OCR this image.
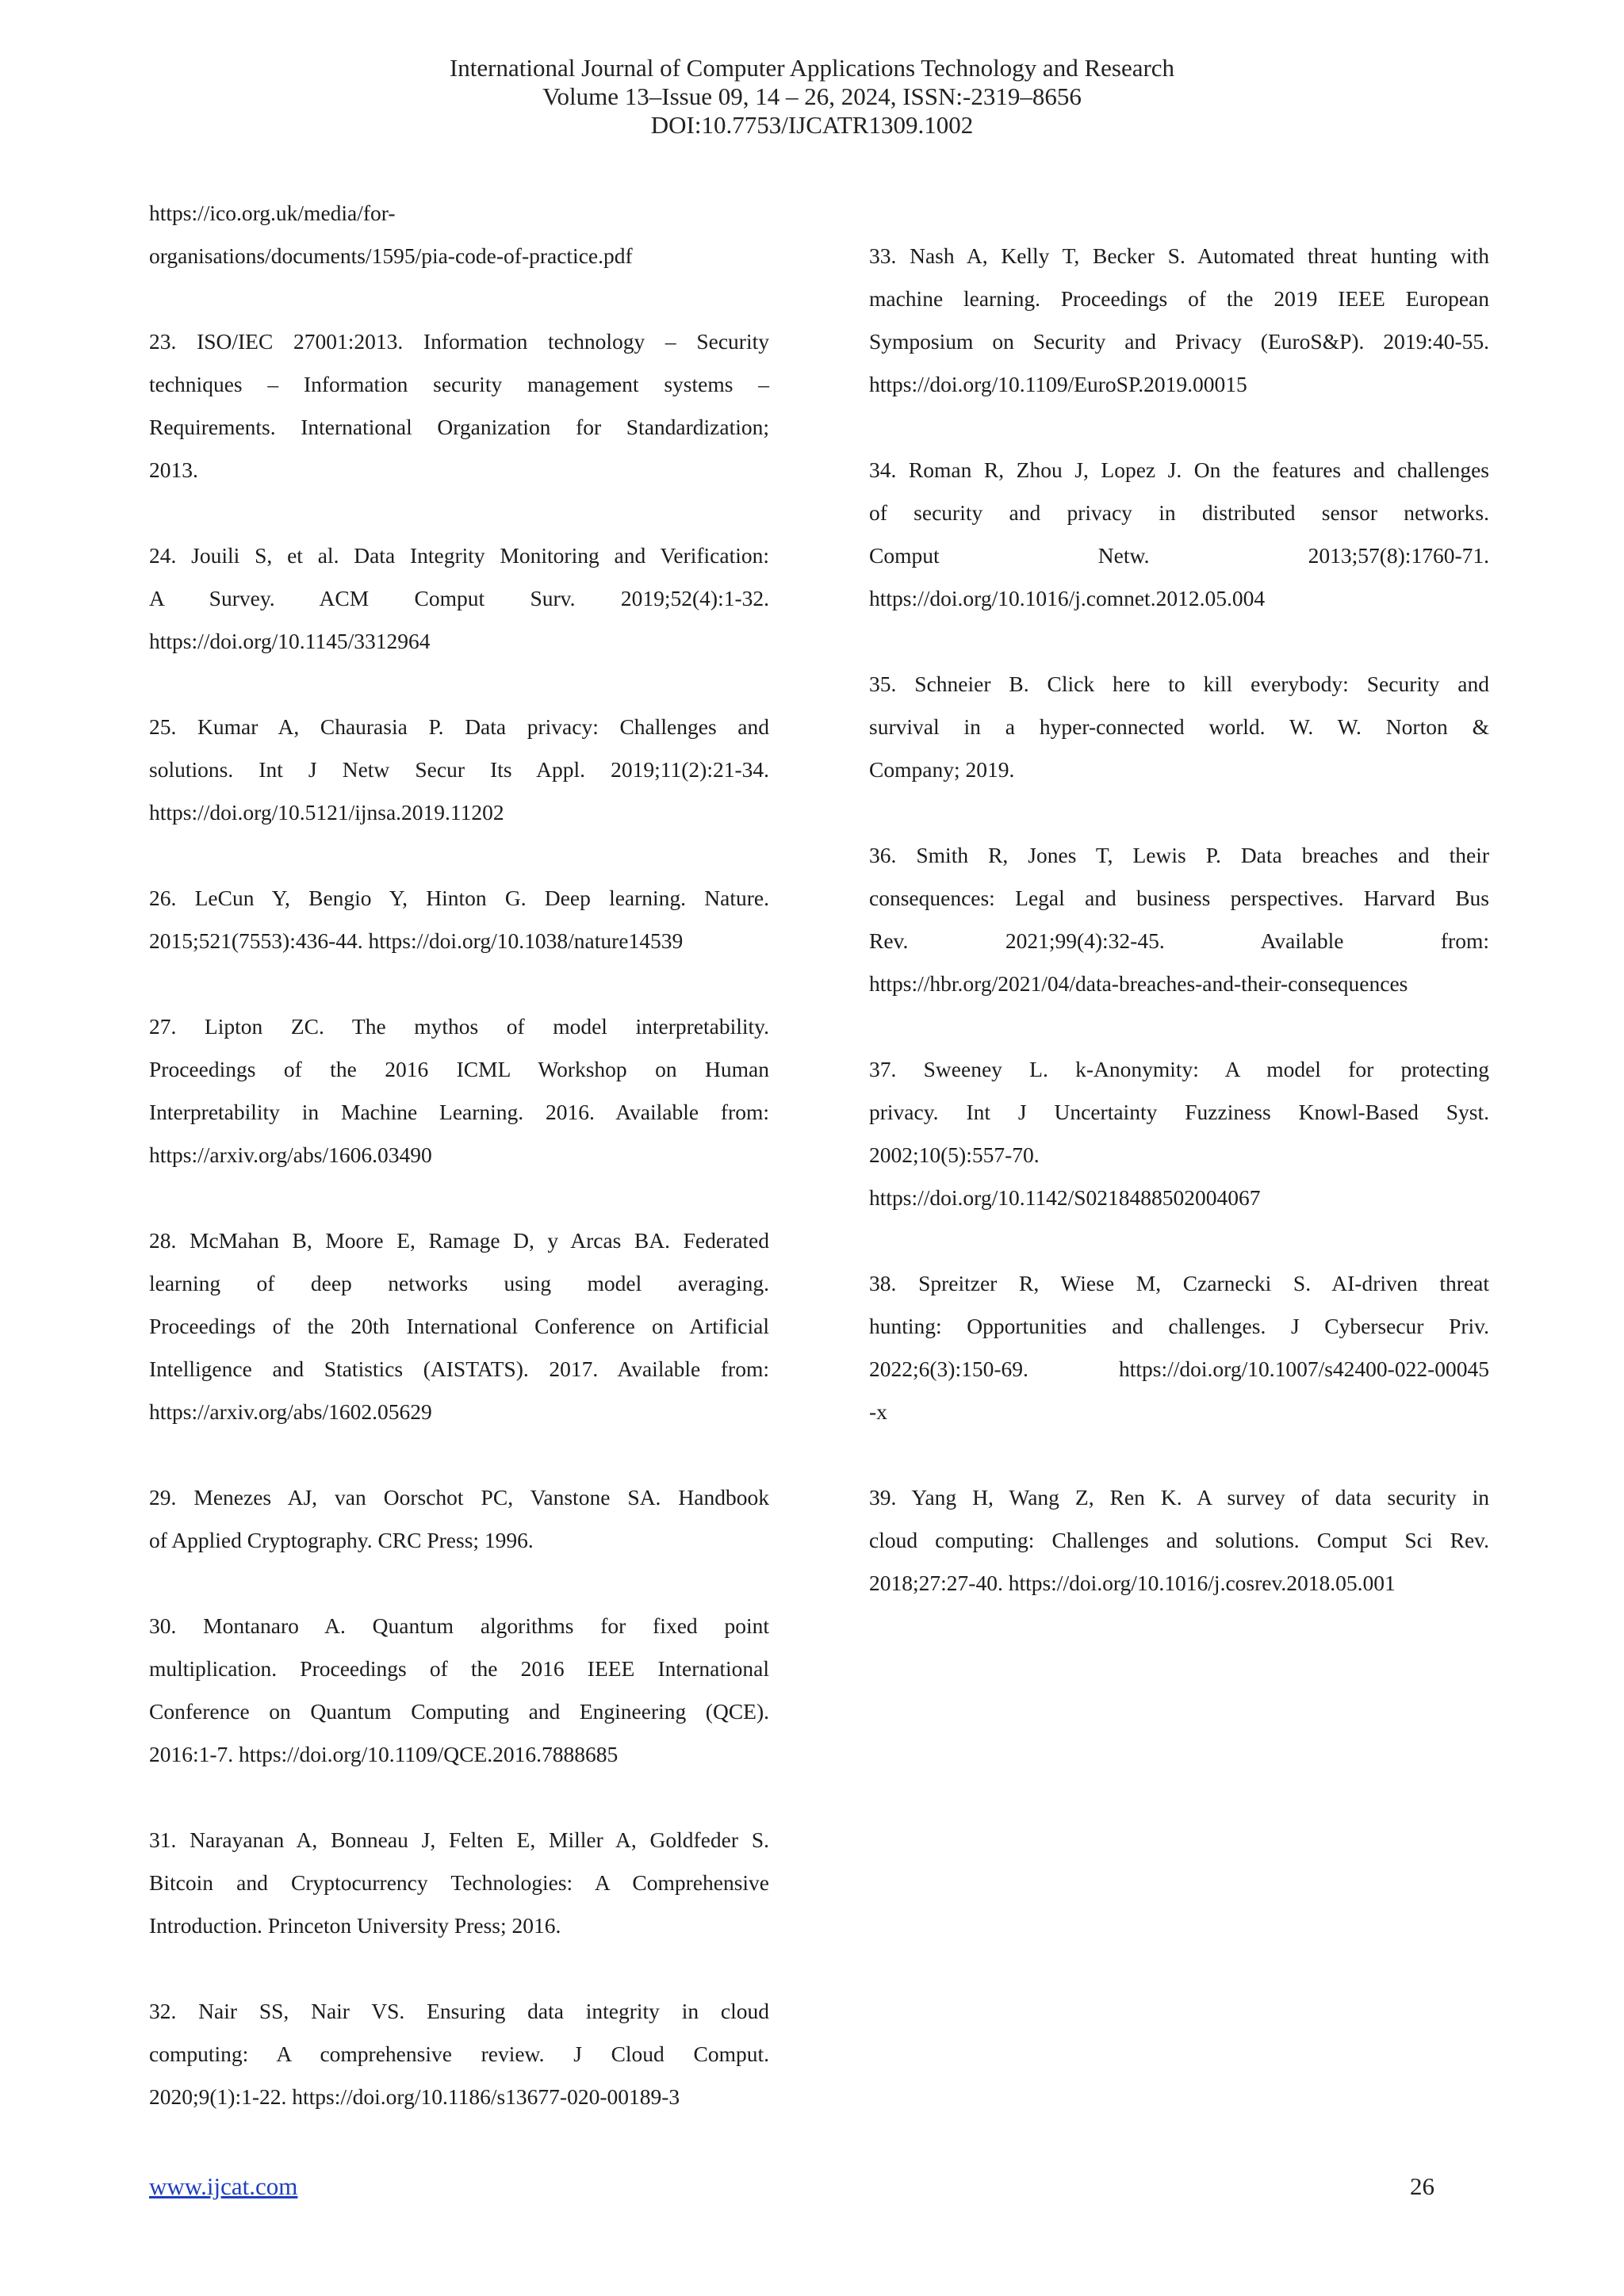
International Journal of Computer Applications Technology and Research
Volume 13–Issue 09, 14 – 26, 2024, ISSN:-2319–8656
DOI:10.7753/IJCATR1309.1002
https://ico.org.uk/media/for-
organisations/documents/1595/pia-code-of-practice.pdf
23. ISO/IEC 27001:2013. Information technology – Security
techniques – Information security management systems –
Requirements. International Organization for Standardization;
2013.
24. Jouili S, et al. Data Integrity Monitoring and Verification:
A Survey. ACM Comput Surv. 2019;52(4):1-32.
https://doi.org/10.1145/3312964
25. Kumar A, Chaurasia P. Data privacy: Challenges and
solutions. Int J Netw Secur Its Appl. 2019;11(2):21-34.
https://doi.org/10.5121/ijnsa.2019.11202
26. LeCun Y, Bengio Y, Hinton G. Deep learning. Nature.
2015;521(7553):436-44. https://doi.org/10.1038/nature14539
27. Lipton ZC. The mythos of model interpretability.
Proceedings of the 2016 ICML Workshop on Human
Interpretability in Machine Learning. 2016. Available from:
https://arxiv.org/abs/1606.03490
28. McMahan B, Moore E, Ramage D, y Arcas BA. Federated
learning of deep networks using model averaging.
Proceedings of the 20th International Conference on Artificial
Intelligence and Statistics (AISTATS). 2017. Available from:
https://arxiv.org/abs/1602.05629
29. Menezes AJ, van Oorschot PC, Vanstone SA. Handbook
of Applied Cryptography. CRC Press; 1996.
30. Montanaro A. Quantum algorithms for fixed point
multiplication. Proceedings of the 2016 IEEE International
Conference on Quantum Computing and Engineering (QCE).
2016:1-7. https://doi.org/10.1109/QCE.2016.7888685
31. Narayanan A, Bonneau J, Felten E, Miller A, Goldfeder S.
Bitcoin and Cryptocurrency Technologies: A Comprehensive
Introduction. Princeton University Press; 2016.
32. Nair SS, Nair VS. Ensuring data integrity in cloud
computing: A comprehensive review. J Cloud Comput.
2020;9(1):1-22. https://doi.org/10.1186/s13677-020-00189-3
33. Nash A, Kelly T, Becker S. Automated threat hunting with
machine learning. Proceedings of the 2019 IEEE European
Symposium on Security and Privacy (EuroS&P). 2019:40-55.
https://doi.org/10.1109/EuroSP.2019.00015
34. Roman R, Zhou J, Lopez J. On the features and challenges
of security and privacy in distributed sensor networks.
Comput Netw. 2013;57(8):1760-71.
https://doi.org/10.1016/j.comnet.2012.05.004
35. Schneier B. Click here to kill everybody: Security and
survival in a hyper-connected world. W. W. Norton &
Company; 2019.
36. Smith R, Jones T, Lewis P. Data breaches and their
consequences: Legal and business perspectives. Harvard Bus
Rev. 2021;99(4):32-45. Available from:
https://hbr.org/2021/04/data-breaches-and-their-consequences
37. Sweeney L. k-Anonymity: A model for protecting
privacy. Int J Uncertainty Fuzziness Knowl-Based Syst.
2002;10(5):557-70.
https://doi.org/10.1142/S0218488502004067
38. Spreitzer R, Wiese M, Czarnecki S. AI-driven threat
hunting: Opportunities and challenges. J Cybersecur Priv.
2022;6(3):150-69. https://doi.org/10.1007/s42400-022-00045
-x
39. Yang H, Wang Z, Ren K. A survey of data security in
cloud computing: Challenges and solutions. Comput Sci Rev.
2018;27:27-40. https://doi.org/10.1016/j.cosrev.2018.05.001
www.ijcat.com	26
